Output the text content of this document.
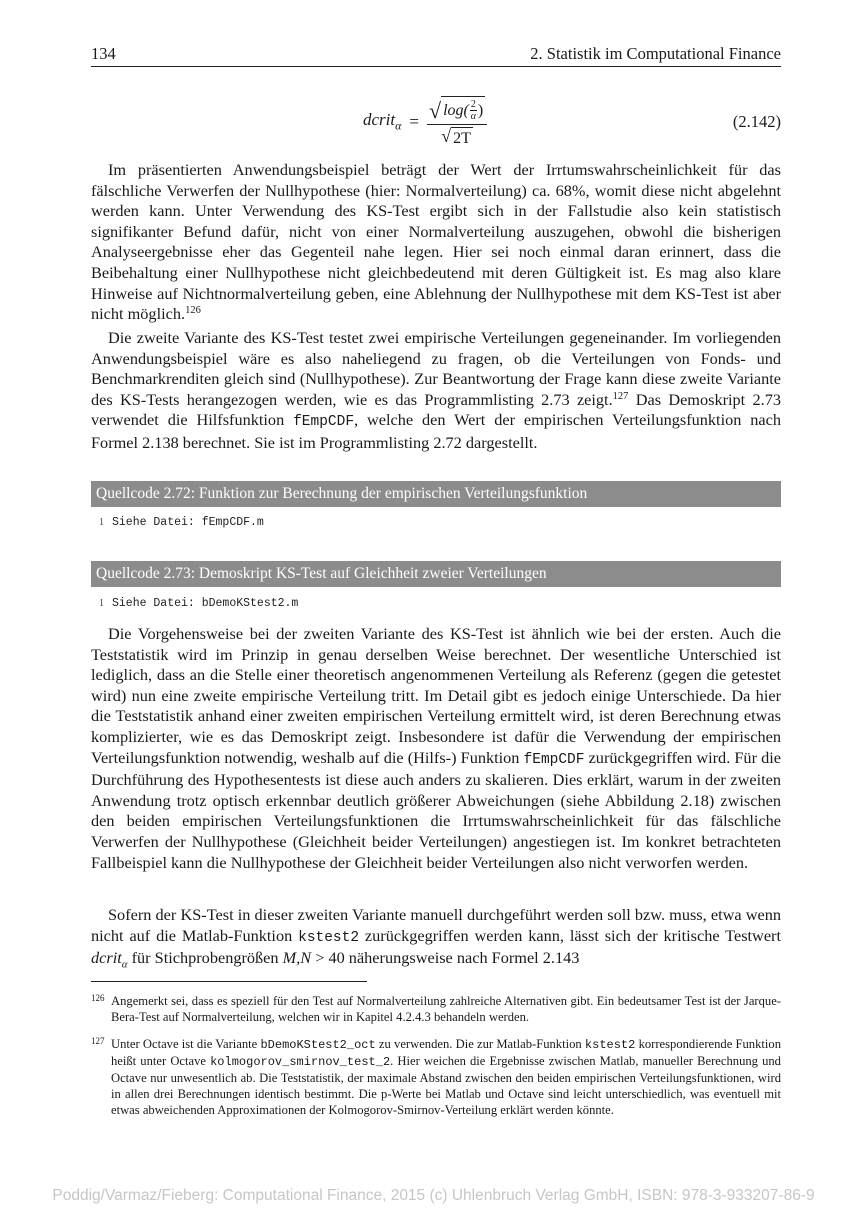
134	2. Statistik im Computational Finance
dcrit$_\alpha$ = √ $\log( \frac{2}{\alpha}$ )
√ 2T
(2.142)

Im präsentierten Anwendungsbeispiel beträgt der Wert der Irrtumswahrscheinlichkeit für das fälschliche Verwerfen der Nullhypothese (hier: Normalverteilung) ca. 68%, womit diese nicht abgelehnt werden kann. Unter Verwendung des KS-Test ergibt sich in der Fallstudie also kein statistisch signifikanter Befund dafür, nicht von einer Normalverteilung auszugehen, obwohl die bisherigen Analyseergebnisse eher das Gegenteil nahe legen. Hier sei noch einmal daran erinnert, dass die Beibehaltung einer Nullhypothese nicht gleichbedeutend mit deren Gültigkeit ist. Es mag also klare Hinweise auf Nichtnormalverteilung geben, eine Ablehnung der Nullhypothese mit dem KS-Test ist aber nicht möglich.$^{126}$

Die zweite Variante des KS-Test testet zwei empirische Verteilungen gegeneinander. Im vorliegenden Anwendungsbeispiel wäre es also naheliegend zu fragen, ob die Verteilungen von Fonds- und Benchmarkrenditen gleich sind (Nullhypothese). Zur Beantwortung der Frage kann diese zweite Variante des KS-Tests herangezogen werden, wie es das Programmlisting 2.73 zeigt.$^{127}$ Das Demoskript 2.73 verwendet die Hilfsfunktion fEmpCDF, welche den Wert der empirischen Verteilungsfunktion nach Formel 2.138 berechnet. Sie ist im Programmlisting 2.72 dargestellt.

Quellcode 2.72: Funktion zur Berechnung der empirischen Verteilungsfunktion
1 Siehe Datei: fEmpCDF.m
Quellcode 2.73: Demoskript KS-Test auf Gleichheit zweier Verteilungen
1 Siehe Datei: bDemoKStest2.m

Die Vorgehensweise bei der zweiten Variante des KS-Test ist ähnlich wie bei der ersten. Auch die Teststatistik wird im Prinzip in genau derselben Weise berechnet. Der wesentliche Unterschied ist lediglich, dass an die Stelle einer theoretisch angenommenen Verteilung als Referenz (gegen die getestet wird) nun eine zweite empirische Verteilung tritt. Im Detail gibt es jedoch einige Unterschiede. Da hier die Teststatistik anhand einer zweiten empirischen Verteilung ermittelt wird, ist deren Berechnung etwas komplizierter, wie es das Demoskript zeigt. Insbesondere ist dafür die Verwendung der empirischen Verteilungsfunktion notwendig, weshalb auf die (Hilfs-) Funktion fEmpCDF zurückgegriffen wird. Für die Durchführung des Hypothesentests ist diese auch anders zu skalieren. Dies erklärt, warum in der zweiten Anwendung trotz optisch erkennbar deutlich größerer Abweichungen (siehe Abbildung 2.18) zwischen den beiden empirischen Verteilungsfunktionen die Irrtumswahrscheinlichkeit für das fälschliche Verwerfen der Nullhypothese (Gleichheit beider Verteilungen) angestiegen ist. Im konkret betrachteten Fallbeispiel kann die Nullhypothese der Gleichheit beider Verteilungen also nicht verworfen werden.

Sofern der KS-Test in dieser zweiten Variante manuell durchgeführt werden soll bzw. muss, etwa wenn nicht auf die Matlab-Funktion kstest2 zurückgegriffen werden kann, lässt sich der kritische Testwert dcrit$_\alpha$ für Stichprobengrößen M,N > 40 näherungsweise nach Formel 2.143

126 Angemerkt sei, dass es speziell für den Test auf Normalverteilung zahlreiche Alternativen gibt. Ein bedeutsamer Test ist der Jarque-Bera-Test auf Normalverteilung, welchen wir in Kapitel 4.2.4.3 behandeln werden.
127 Unter Octave ist die Variante bDemoKStest2_oct zu verwenden. Die zur Matlab-Funktion kstest2 korrespondierende Funktion heißt unter Octave kolmogorov_smirnov_test_2. Hier weichen die Ergebnisse zwischen Matlab, manueller Berechnung und Octave nur unwesentlich ab. Die Teststatistik, der maximale Abstand zwischen den beiden empirischen Verteilungsfunktionen, wird in allen drei Berechnungen identisch bestimmt. Die p-Werte bei Matlab und Octave sind leicht unterschiedlich, was eventuell mit etwas abweichenden Approximationen der Kolmogorov-Smirnov-Verteilung erklärt werden könnte.
Poddig/Varmaz/Fieberg: Computational Finance, 2015 (c) Uhlenbruch Verlag GmbH, ISBN: 978-3-933207-86-9
